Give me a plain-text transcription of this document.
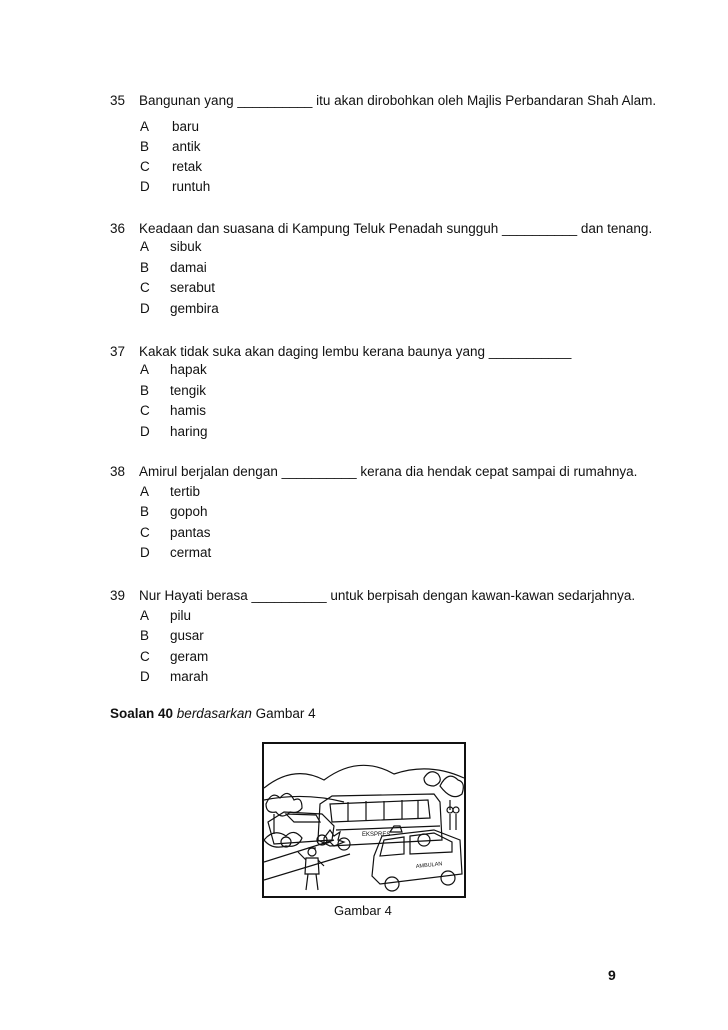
35	Bangunan yang __________ itu akan dirobohkan oleh Majlis Perbandaran Shah Alam.
A baru
B antik
C retak
D runtuh
36	Keadaan dan suasana di Kampung Teluk Penadah sungguh __________ dan tenang.
A sibuk
B damai
C serabut
D gembira
37	Kakak tidak suka akan daging lembu kerana baunya yang ___________
A hapak
B tengik
C hamis
D haring
38	Amirul berjalan dengan __________ kerana dia hendak cepat sampai di rumahnya.
A tertib
B gopoh
C pantas
D cermat
39	Nur Hayati berasa __________ untuk berpisah dengan kawan-kawan sedarjahnya.
A pilu
B gusar
C geram
D marah
Soalan 40 berdasarkan Gambar 4
EKSPRES
AMBULAN
Gambar 4
9
